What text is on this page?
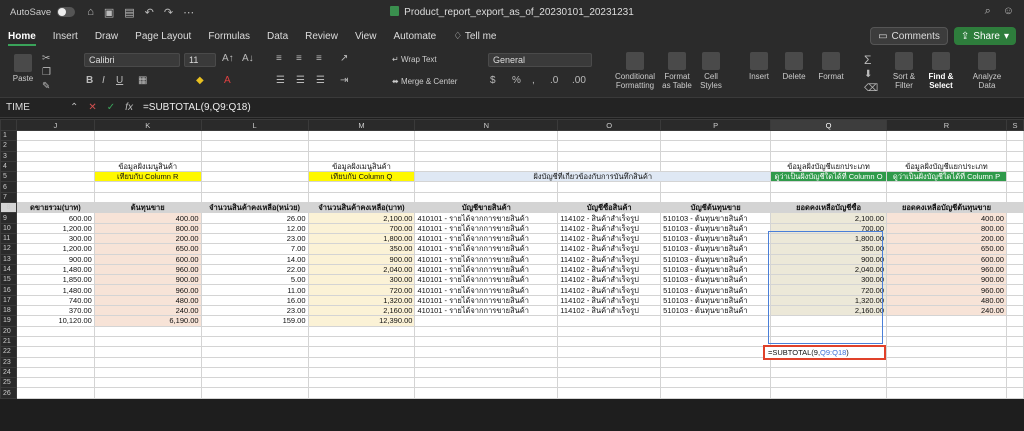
AutoSave	⌂ ▣ ▤ ↶ ↷ ⋯	Product_report_export_as_of_20230101_20231231	⌕ ☺
Home Insert Draw Page Layout Formulas Data Review View Automate ♢ Tell me	▭ Comments ⇪ Share ▾
Paste
✂
❐
✎
Calibri	11	A↑ A↓
B I U ▦	◆ A
≡ ≡ ≡ ↗
☰ ☰ ☰ ⇥
↵ Wrap Text
⬌ Merge & Center
General
$ % , .0 .00	Conditional Formatting
Format as Table
Cell Styles
Insert	Delete	Format
Σ
⬇
⌫
Sort & Filter
Find & Select
Analyze Data
TIME	⌃ ✕ ✓ fx =SUBTOTAL(9,Q9:Q18)
	J	K	L	M	N	O	P	Q	R	S
1										
2										
3										
4		ข้อมูลฝั่งเมนูสินค้า		ข้อมูลฝั่งเมนูสินค้า				ข้อมูลฝั่งบัญชีแยกประเภท	ข้อมูลฝั่งบัญชีแยกประเภท	
5		เทียบกับ Column R		เทียบกับ Column Q	ฝั่งบัญชีที่เกี่ยวข้องกับการบันทึกสินค้า			ดูว่าเป็นฝั่งบัญชีใดได้ที่ Column O	ดูว่าเป็นฝั่งบัญชีใดได้ที่ Column P	
6										
7										
8	ดขายรวม(บาท)	ต้นทุนขาย	จำนวนสินค้าคงเหลือ(หน่วย)	จำนวนสินค้าคงเหลือ(บาท)	บัญชีขายสินค้า	บัญชีซื้อสินค้า	บัญชีต้นทุนขาย	ยอดคงเหลือบัญชีซื้อ	ยอดคงเหลือบัญชีต้นทุนขาย	
9	600.00	400.00	26.00	2,100.00	410101 - รายได้จากการขายสินค้า	114102 - สินค้าสำเร็จรูป	510103 - ต้นทุนขายสินค้า	2,100.00	400.00	
10	1,200.00	800.00	12.00	700.00	410101 - รายได้จากการขายสินค้า	114102 - สินค้าสำเร็จรูป	510103 - ต้นทุนขายสินค้า	700.00	800.00	
11	300.00	200.00	23.00	1,800.00	410101 - รายได้จากการขายสินค้า	114102 - สินค้าสำเร็จรูป	510103 - ต้นทุนขายสินค้า	1,800.00	200.00	
12	1,200.00	650.00	7.00	350.00	410101 - รายได้จากการขายสินค้า	114102 - สินค้าสำเร็จรูป	510103 - ต้นทุนขายสินค้า	350.00	650.00	
13	900.00	600.00	14.00	900.00	410101 - รายได้จากการขายสินค้า	114102 - สินค้าสำเร็จรูป	510103 - ต้นทุนขายสินค้า	900.00	600.00	
14	1,480.00	960.00	22.00	2,040.00	410101 - รายได้จากการขายสินค้า	114102 - สินค้าสำเร็จรูป	510103 - ต้นทุนขายสินค้า	2,040.00	960.00	
15	1,850.00	900.00	5.00	300.00	410101 - รายได้จากการขายสินค้า	114102 - สินค้าสำเร็จรูป	510103 - ต้นทุนขายสินค้า	300.00	900.00	
16	1,480.00	960.00	11.00	720.00	410101 - รายได้จากการขายสินค้า	114102 - สินค้าสำเร็จรูป	510103 - ต้นทุนขายสินค้า	720.00	960.00	
17	740.00	480.00	16.00	1,320.00	410101 - รายได้จากการขายสินค้า	114102 - สินค้าสำเร็จรูป	510103 - ต้นทุนขายสินค้า	1,320.00	480.00	
18	370.00	240.00	23.00	2,160.00	410101 - รายได้จากการขายสินค้า	114102 - สินค้าสำเร็จรูป	510103 - ต้นทุนขายสินค้า	2,160.00	240.00	
19	10,120.00	6,190.00	159.00	12,390.00						
20										
21										
22										
23										
24										
25										
26										
=SUBTOTAL(9,Q9:Q18)
